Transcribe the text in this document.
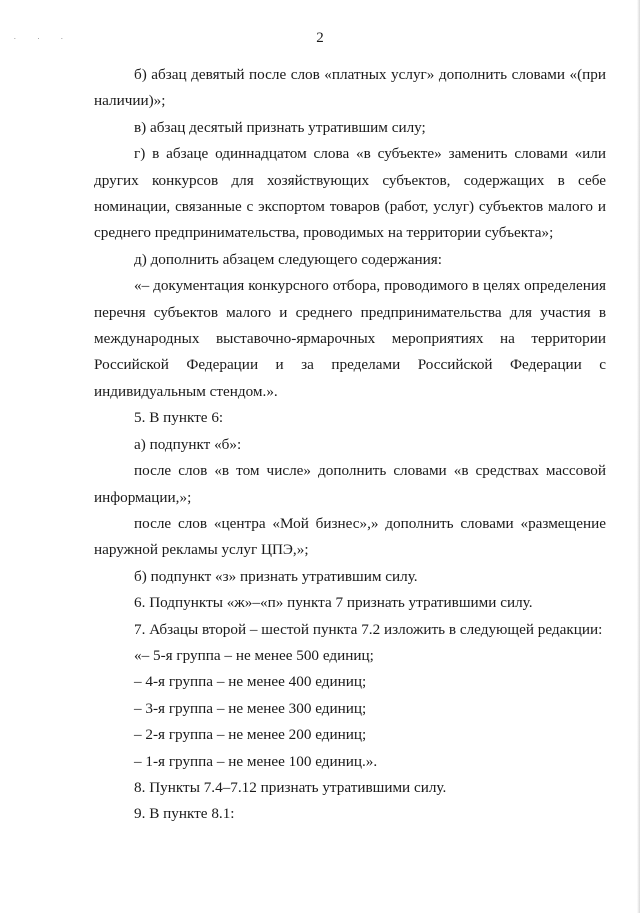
. . .	2

б) абзац девятый после слов «платных услуг» дополнить словами «(при наличии)»;

в) абзац десятый признать утратившим силу;

г) в абзаце одиннадцатом слова «в субъекте» заменить словами «или других конкурсов для хозяйствующих субъектов, содержащих в себе номинации, связанные с экспортом товаров (работ, услуг) субъектов малого и среднего предпринимательства, проводимых на территории субъекта»;

д) дополнить абзацем следующего содержания:

«– документация конкурсного отбора, проводимого в целях определения перечня субъектов малого и среднего предпринимательства для участия в международных выставочно-ярмарочных мероприятиях на территории Российской Федерации и за пределами Российской Федерации с индивидуальным стендом.».

5. В пункте 6:

а) подпункт «б»:

после слов «в том числе» дополнить словами «в средствах массовой информации,»;

после слов «центра «Мой бизнес»,» дополнить словами «размещение наружной рекламы услуг ЦПЭ,»;

б) подпункт «з» признать утратившим силу.

6. Подпункты «ж»–«п» пункта 7 признать утратившими силу.

7. Абзацы второй – шестой пункта 7.2 изложить в следующей редакции:

«– 5-я группа – не менее 500 единиц;

– 4-я группа – не менее 400 единиц;

– 3-я группа – не менее 300 единиц;

– 2-я группа – не менее 200 единиц;

– 1-я группа – не менее 100 единиц.».

8. Пункты 7.4–7.12 признать утратившими силу.

9. В пункте 8.1:
